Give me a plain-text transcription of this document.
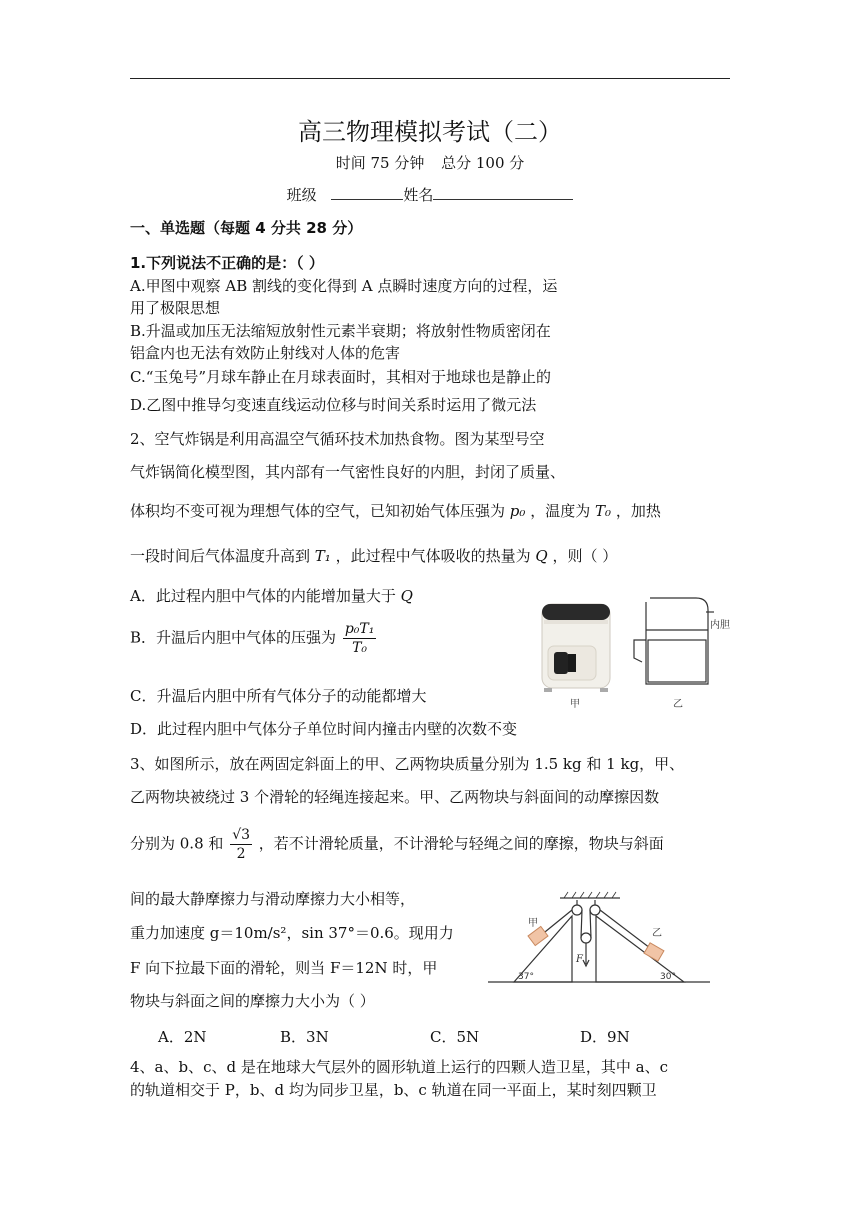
高三物理模拟考试（二）
时间 75 分钟 总分 100 分
班级	姓名
一、单选题（每题 4 分共 28 分）
1.下列说法不正确的是：（ ）
A.甲图中观察 AB 割线的变化得到 A 点瞬时速度方向的过程，运
用了极限思想
B.升温或加压无法缩短放射性元素半衰期；将放射性物质密闭在
铝盒内也无法有效防止射线对人体的危害
C.“玉兔号”月球车静止在月球表面时，其相对于地球也是静止的
D.乙图中推导匀变速直线运动位移与时间关系时运用了微元法
2、空气炸锅是利用高温空气循环技术加热食物。图为某型号空
气炸锅简化模型图，其内部有一气密性良好的内胆，封闭了质量、
体积均不变可视为理想气体的空气，已知初始气体压强为 p₀ ，温度为 T₀ ，加热
一段时间后气体温度升高到 T₁ ，此过程中气体吸收的热量为 Q ，则（ ）
A．此过程内胆中气体的内能增加量大于 Q
B．升温后内胆中气体的压强为 $\frac{\text{p₀T₁}}{\text{T₀}}$
C．升温后内胆中所有气体分子的动能都增大
D．此过程内胆中气体分子单位时间内撞击内壁的次数不变
内胆
甲	乙
3、如图所示，放在两固定斜面上的甲、乙两物块质量分别为 1.5 kg 和 1 kg，甲、
乙两物块被绕过 3 个滑轮的轻绳连接起来。甲、乙两物块与斜面间的动摩擦因数
分别为 0.8 和 $\frac{√3}{2}$ ，若不计滑轮质量，不计滑轮与轻绳之间的摩擦，物块与斜面
间的最大静摩擦力与滑动摩擦力大小相等，
重力加速度 g＝10m/s²，sin 37°＝0.6。现用力
F 向下拉最下面的滑轮，则当 F＝12N 时，甲
物块与斜面之间的摩擦力大小为（ ）
A．2N	B．3N	C．5N	D．9N
甲
乙
F
37°	30°
4、a、b、c、d 是在地球大气层外的圆形轨道上运行的四颗人造卫星，其中 a、c
的轨道相交于 P，b、d 均为同步卫星，b、c 轨道在同一平面上，某时刻四颗卫
